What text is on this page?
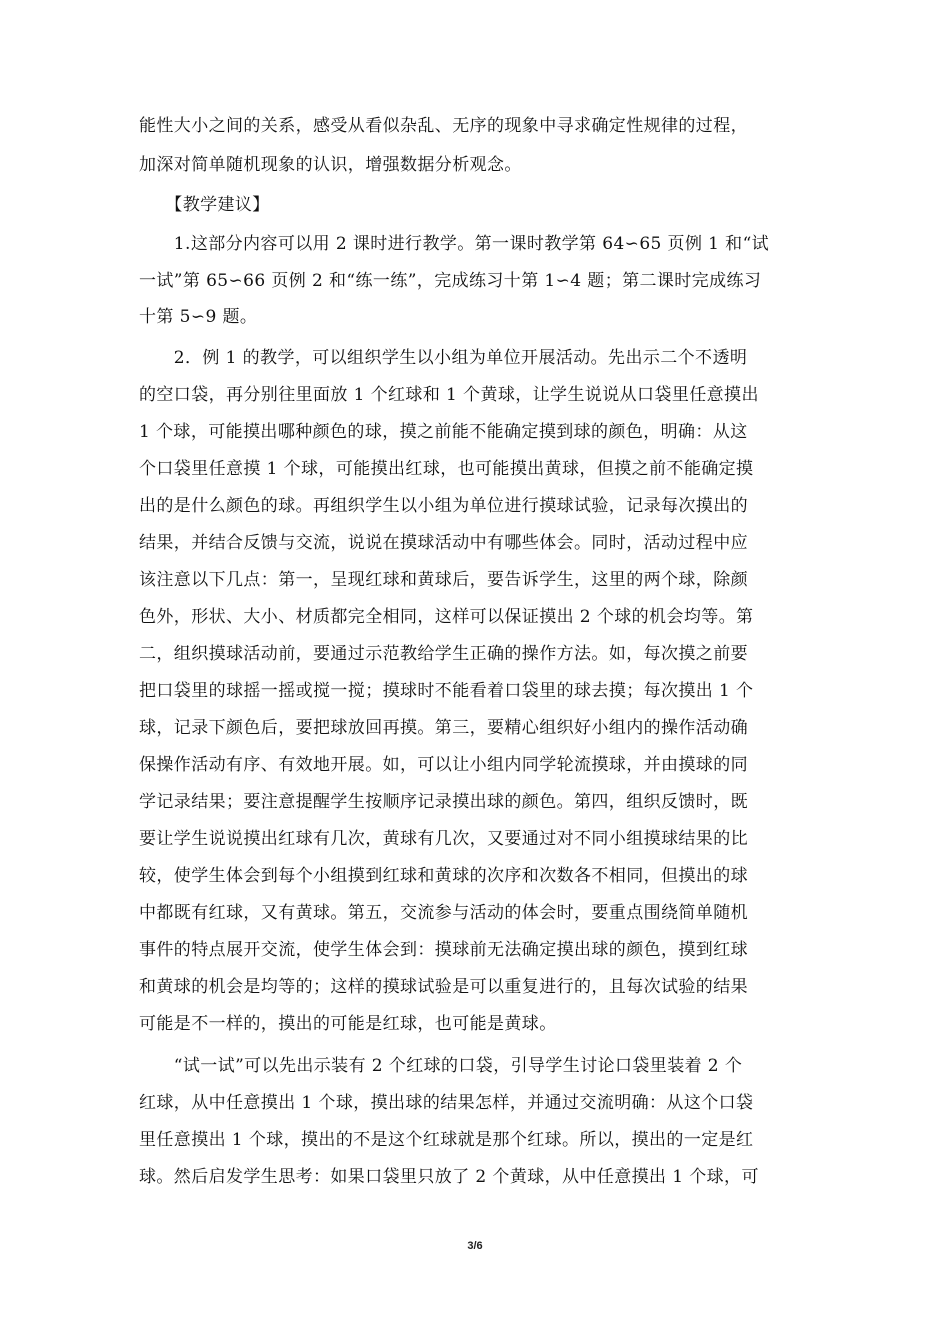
能性大小之间的关系，感受从看似杂乱、无序的现象中寻求确定性规律的过程，
加深对简单随机现象的认识，增强数据分析观念。
　　【教学建议】
　　1.这部分内容可以用 2 课时进行教学。第一课时教学第 64∽65 页例 1 和“试
一试”第 65∽66 页例 2 和“练一练”，完成练习十第 1∽4 题；第二课时完成练习
十第 5∽9 题。
　　2．例 1 的教学，可以组织学生以小组为单位开展活动。先出示二个不透明
的空口袋，再分别往里面放 1 个红球和 1 个黄球，让学生说说从口袋里任意摸出
1 个球，可能摸出哪种颜色的球，摸之前能不能确定摸到球的颜色，明确：从这
个口袋里任意摸 1 个球，可能摸出红球，也可能摸出黄球，但摸之前不能确定摸
出的是什么颜色的球。再组织学生以小组为单位进行摸球试验，记录每次摸出的
结果，并结合反馈与交流，说说在摸球活动中有哪些体会。同时，活动过程中应
该注意以下几点：第一，呈现红球和黄球后，要告诉学生，这里的两个球，除颜
色外，形状、大小、材质都完全相同，这样可以保证摸出 2 个球的机会均等。第
二，组织摸球活动前，要通过示范教给学生正确的操作方法。如，每次摸之前要
把口袋里的球摇一摇或搅一搅；摸球时不能看着口袋里的球去摸；每次摸出 1 个
球，记录下颜色后，要把球放回再摸。第三，要精心组织好小组内的操作活动确
保操作活动有序、有效地开展。如，可以让小组内同学轮流摸球，并由摸球的同
学记录结果；要注意提醒学生按顺序记录摸出球的颜色。第四，组织反馈时，既
要让学生说说摸出红球有几次，黄球有几次，又要通过对不同小组摸球结果的比
较，使学生体会到每个小组摸到红球和黄球的次序和次数各不相同，但摸出的球
中都既有红球，又有黄球。第五，交流参与活动的体会时，要重点围绕简单随机
事件的特点展开交流，使学生体会到：摸球前无法确定摸出球的颜色，摸到红球
和黄球的机会是均等的；这样的摸球试验是可以重复进行的，且每次试验的结果
可能是不一样的，摸出的可能是红球，也可能是黄球。
　　“试一试”可以先出示装有 2 个红球的口袋，引导学生讨论口袋里装着 2 个
红球，从中任意摸出 1 个球，摸出球的结果怎样，并通过交流明确：从这个口袋
里任意摸出 1 个球，摸出的不是这个红球就是那个红球。所以，摸出的一定是红
球。然后启发学生思考：如果口袋里只放了 2 个黄球，从中任意摸出 1 个球，可
3/6
